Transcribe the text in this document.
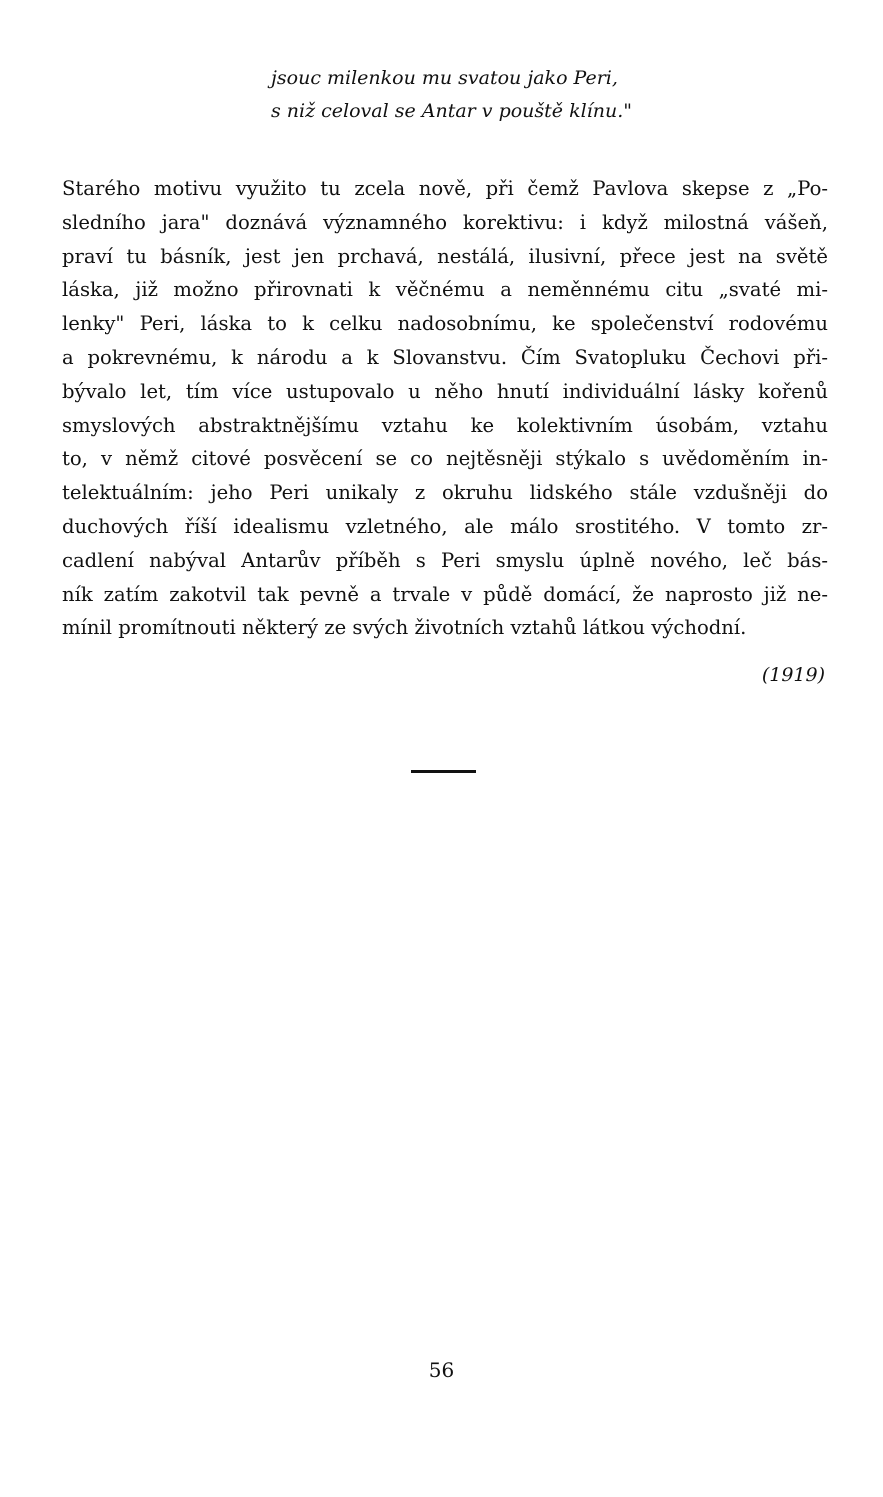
jsouc milenkou mu svatou jako Peri,
s niž celoval se Antar v pouště klínu."
Starého motivu využito tu zcela nově, při čemž Pavlova skepse z „Po-
sledního jara" doznává významného korektivu: i když milostná vášeň,
praví tu básník, jest jen prchavá, nestálá, ilusivní, přece jest na světě
láska, již možno přirovnati k věčnému a neměnnému citu „svaté mi-
lenky" Peri, láska to k celku nadosobnímu, ke společenství rodovému
a pokrevnému, k národu a k Slovanstvu. Čím Svatopluku Čechovi při-
bývalo let, tím více ustupovalo u něho hnutí individuální lásky kořenů
smyslových abstraktnějšímu vztahu ke kolektivním úsobám, vztahu
to, v němž citové posvěcení se co nejtěsněji stýkalo s uvědoměním in-
telektuálním: jeho Peri unikaly z okruhu lidského stále vzdušněji do
duchových říší idealismu vzletného, ale málo srostitého. V tomto zr-
cadlení nabýval Antarův příběh s Peri smyslu úplně nového, leč bás-
ník zatím zakotvil tak pevně a trvale v půdě domácí, že naprosto již ne-
mínil promítnouti některý ze svých životních vztahů látkou východní.
(1919)
56
